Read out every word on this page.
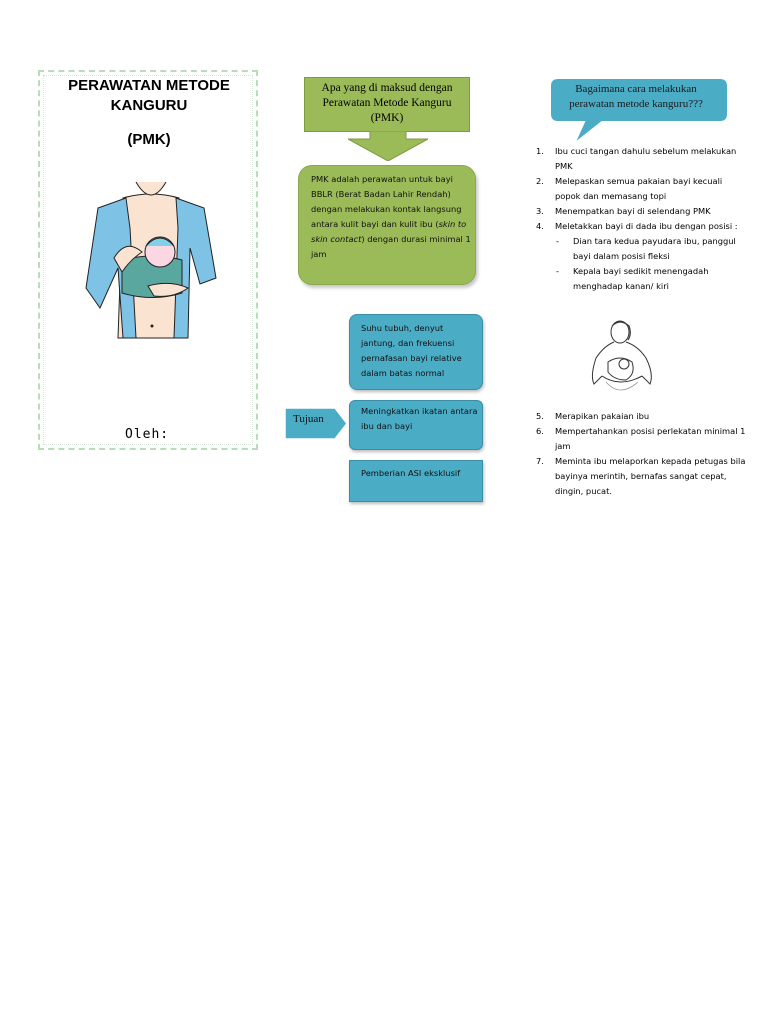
PERAWATAN METODE
KANGURU
(PMK)
Oleh:
Apa yang di maksud dengan Perawatan Metode Kanguru (PMK)
PMK adalah perawatan untuk bayi BBLR (Berat Badan Lahir Rendah) dengan melakukan kontak langsung antara kulit bayi dan kulit ibu (skin to skin contact) dengan durasi minimal 1 jam
Tujuan
Suhu tubuh, denyut jantung, dan frekuensi pernafasan bayi relative dalam batas normal
Meningkatkan ikatan antara ibu dan bayi
Pemberian ASI eksklusif
Bagaimana cara melakukan perawatan metode kanguru???
1. Ibu cuci tangan dahulu sebelum melakukan PMK
2. Melepaskan semua pakaian bayi kecuali popok dan memasang topi
3. Menempatkan bayi di selendang PMK
4. Meletakkan bayi di dada ibu dengan posisi :
- Dian tara kedua payudara ibu, panggul bayi dalam posisi fleksi
- Kepala bayi sedikit menengadah menghadap kanan/ kiri
5. Merapikan pakaian ibu
6. Mempertahankan posisi perlekatan minimal 1 jam
7. Meminta ibu melaporkan kepada petugas bila bayinya merintih, bernafas sangat cepat, dingin, pucat.
